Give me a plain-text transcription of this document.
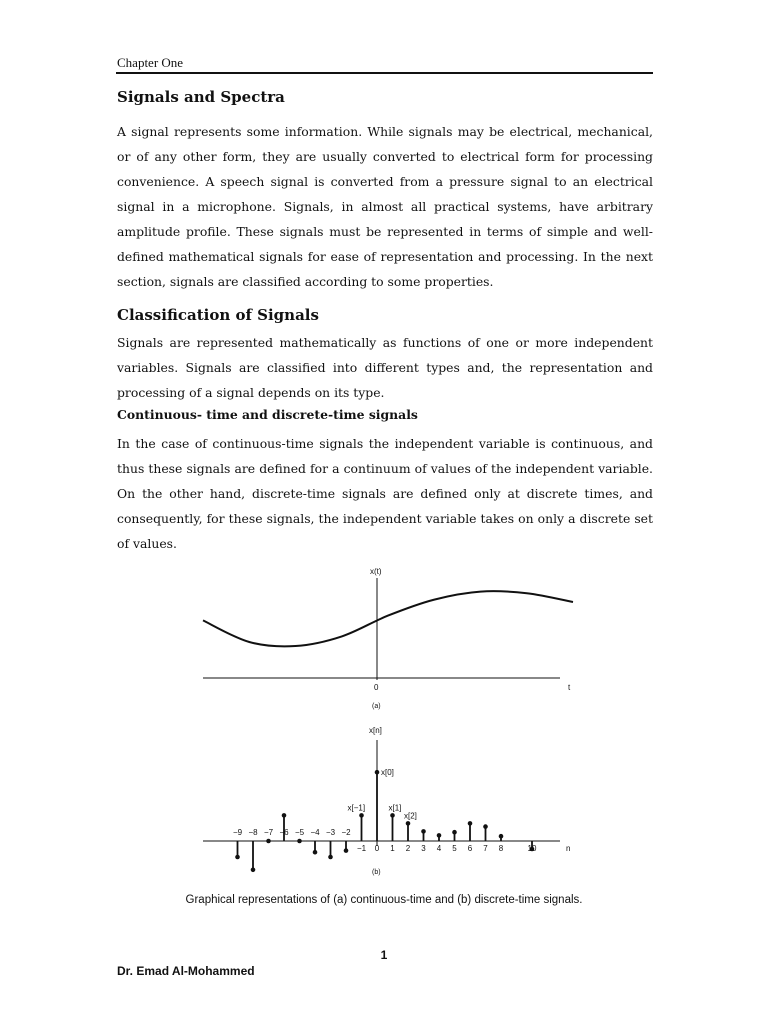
Chapter One
Signals and Spectra

A signal represents some information. While signals may be electrical, mechanical, or of any other form, they are usually converted to electrical form for processing convenience. A speech signal is converted from a pressure signal to an electrical signal in a microphone. Signals, in almost all practical systems, have arbitrary amplitude profile. These signals must be represented in terms of simple and well-defined mathematical signals for ease of representation and processing. In the next section, signals are classified according to some properties.

Classification of Signals

Signals are represented mathematically as functions of one or more independent variables. Signals are classified into different types and, the representation and processing of a signal depends on its type.

Continuous- time and discrete-time signals

In the case of continuous-time signals the independent variable is continuous, and thus these signals are defined for a continuum of values of the independent variable. On the other hand, discrete-time signals are defined only at discrete times, and consequently, for these signals, the independent variable takes on only a discrete set of values.

x(t)
0	t
(a)
x[n]
n
(b)
−9 −8 −7 −6 −5 −4 −3 −2
−1 0 1 2 3 4 5 6 7 8	10
x[0]
x[−1]	x[1]
x[2]
Graphical representations of (a) continuous-time and (b) discrete-time signals.
1
Dr. Emad Al-Mohammed
